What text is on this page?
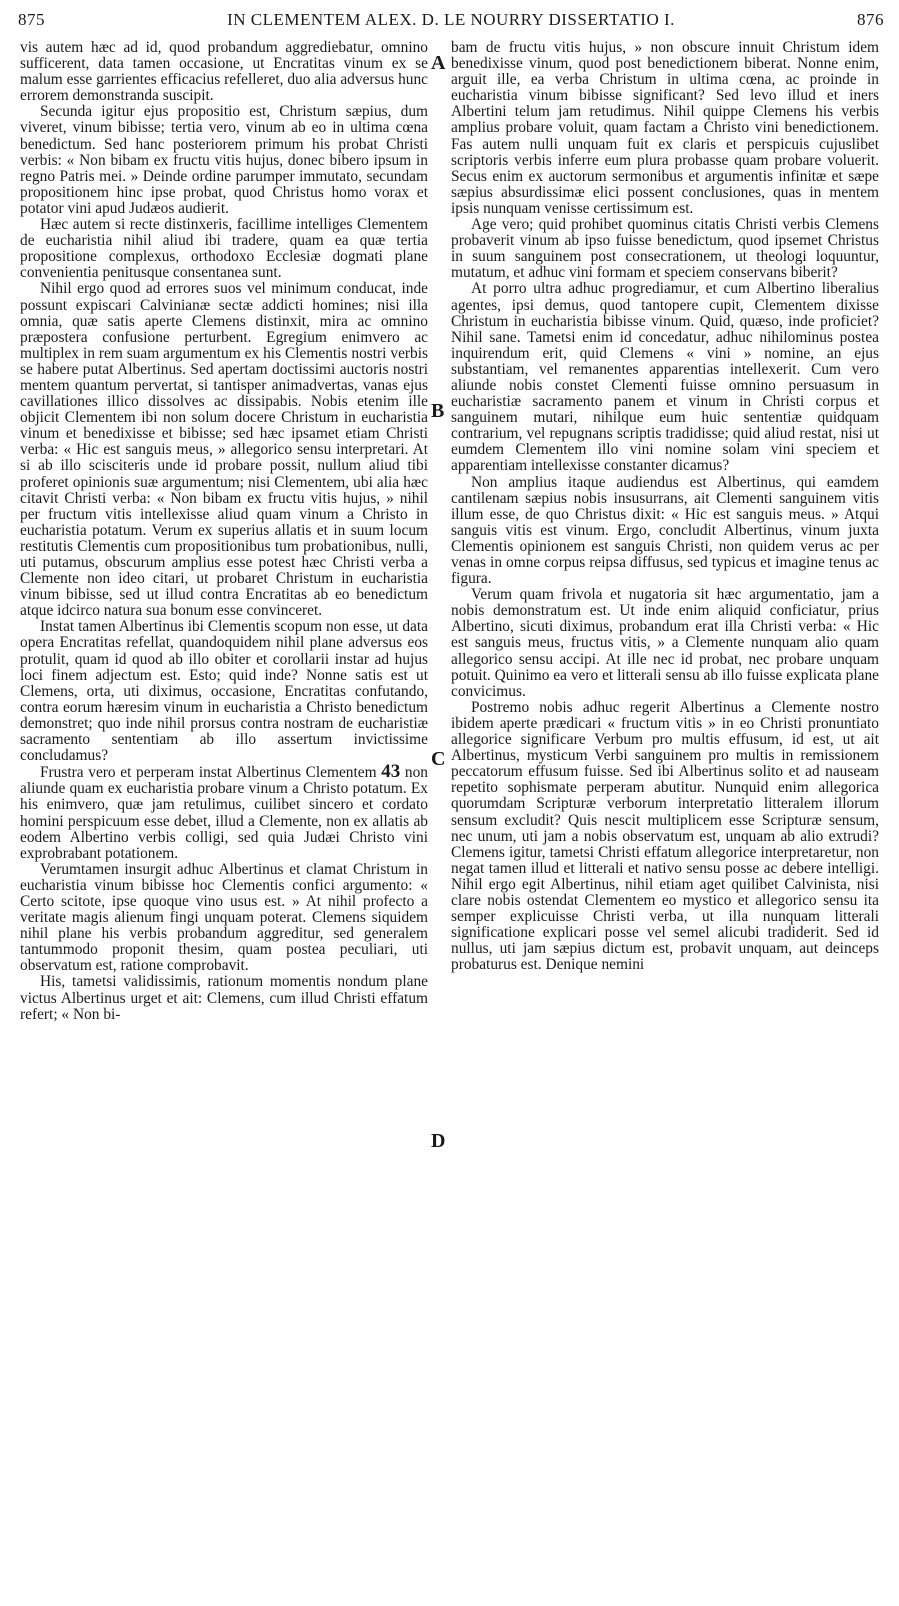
IN CLEMENTEM ALEX. D. LE NOURRY DISSERTATIO I.
875	876

vis autem hæc ad id, quod probandum aggrediebatur, omnino sufficerent, data tamen occasione, ut Encratitas vinum ex se malum esse garrientes efficacius refelleret, duo alia adversus hunc errorem demonstranda suscipit.

Secunda igitur ejus propositio est, Christum sæpius, dum viveret, vinum bibisse; tertia vero, vinum ab eo in ultima cœna benedictum. Sed hanc posteriorem primum his probat Christi verbis: « Non bibam ex fructu vitis hujus, donec bibero ipsum in regno Patris mei. » Deinde ordine parumper immutato, secundam propositionem hinc ipse probat, quod Christus homo vorax et potator vini apud Judæos audierit.

Hæc autem si recte distinxeris, facillime intelliges Clementem de eucharistia nihil aliud ibi tradere, quam ea quæ tertia propositione complexus, orthodoxo Ecclesiæ dogmati plane convenientia penitusque consentanea sunt.

Nihil ergo quod ad errores suos vel minimum conducat, inde possunt expiscari Calvinianæ sectæ addicti homines; nisi illa omnia, quæ satis aperte Clemens distinxit, mira ac omnino præpostera confusione perturbent. Egregium enimvero ac multiplex in rem suam argumentum ex his Clementis nostri verbis se habere putat Albertinus. Sed apertam doctissimi auctoris nostri mentem quantum pervertat, si tantisper animadvertas, vanas ejus cavillationes illico dissolves ac dissipabis. Nobis etenim ille objicit Clementem ibi non solum docere Christum in eucharistia vinum et benedixisse et bibisse; sed hæc ipsamet etiam Christi verba: « Hic est sanguis meus, » allegorico sensu interpretari. At si ab illo scisciteris unde id probare possit, nullum aliud tibi proferet opinionis suæ argumentum; nisi Clementem, ubi alia hæc citavit Christi verba: « Non bibam ex fructu vitis hujus, » nihil per fructum vitis intellexisse aliud quam vinum a Christo in eucharistia potatum. Verum ex superius allatis et in suum locum restitutis Clementis cum propositionibus tum probationibus, nulli, uti putamus, obscurum amplius esse potest hæc Christi verba a Clemente non ideo citari, ut probaret Christum in eucharistia vinum bibisse, sed ut illud contra Encratitas ab eo benedictum atque idcirco natura sua bonum esse convinceret.

Instat tamen Albertinus ibi Clementis scopum non esse, ut data opera Encratitas refellat, quandoquidem nihil plane adversus eos protulit, quam id quod ab illo obiter et corollarii instar ad hujus loci finem adjectum est. Esto; quid inde? Nonne satis est ut Clemens, orta, uti diximus, occasione, Encratitas confutando, contra eorum hæresim vinum in eucharistia a Christo benedictum demonstret; quo inde nihil prorsus contra nostram de eucharistiæ sacramento sententiam ab illo assertum invictissime concludamus?

Frustra vero et perperam instat Albertinus Clementem 43 non aliunde quam ex eucharistia probare vinum a Christo potatum. Ex his enimvero, quæ jam retulimus, cuilibet sincero et cordato homini perspicuum esse debet, illud a Clemente, non ex allatis ab eodem Albertino verbis colligi, sed quia Judæi Christo vini exprobrabant potationem.

Verumtamen insurgit adhuc Albertinus et clamat Christum in eucharistia vinum bibisse hoc Clementis confici argumento: « Certo scitote, ipse quoque vino usus est. » At nihil profecto a veritate magis alienum fingi unquam poterat. Clemens siquidem nihil plane his verbis probandum aggreditur, sed generalem tantummodo proponit thesim, quam postea peculiari, uti observatum est, ratione comprobavit.

His, tametsi validissimis, rationum momentis nondum plane victus Albertinus urget et ait: Clemens, cum illud Christi effatum refert; « Non bi-

bam de fructu vitis hujus, » non obscure innuit Christum idem benedixisse vinum, quod post benedictionem biberat. Nonne enim, arguit ille, ea verba Christum in ultima cœna, ac proinde in eucharistia vinum bibisse significant? Sed levo illud et iners Albertini telum jam retudimus. Nihil quippe Clemens his verbis amplius probare voluit, quam factam a Christo vini benedictionem. Fas autem nulli unquam fuit ex claris et perspicuis cujuslibet scriptoris verbis inferre eum plura probasse quam probare voluerit. Secus enim ex auctorum sermonibus et argumentis infinitæ et sæpe sæpius absurdissimæ elici possent conclusiones, quas in mentem ipsis nunquam venisse certissimum est.

Age vero; quid prohibet quominus citatis Christi verbis Clemens probaverit vinum ab ipso fuisse benedictum, quod ipsemet Christus in suum sanguinem post consecrationem, ut theologi loquuntur, mutatum, et adhuc vini formam et speciem conservans biberit?

At porro ultra adhuc progrediamur, et cum Albertino liberalius agentes, ipsi demus, quod tantopere cupit, Clementem dixisse Christum in eucharistia bibisse vinum. Quid, quæso, inde proficiet? Nihil sane. Tametsi enim id concedatur, adhuc nihilominus postea inquirendum erit, quid Clemens « vini » nomine, an ejus substantiam, vel remanentes apparentias intellexerit. Cum vero aliunde nobis constet Clementi fuisse omnino persuasum in eucharistiæ sacramento panem et vinum in Christi corpus et sanguinem mutari, nihilque eum huic sententiæ quidquam contrarium, vel repugnans scriptis tradidisse; quid aliud restat, nisi ut eumdem Clementem illo vini nomine solam vini speciem et apparentiam intellexisse constanter dicamus?

Non amplius itaque audiendus est Albertinus, qui eamdem cantilenam sæpius nobis insusurrans, ait Clementi sanguinem vitis illum esse, de quo Christus dixit: « Hic est sanguis meus. » Atqui sanguis vitis est vinum. Ergo, concludit Albertinus, vinum juxta Clementis opinionem est sanguis Christi, non quidem verus ac per venas in omne corpus reipsa diffusus, sed typicus et imagine tenus ac figura.

Verum quam frivola et nugatoria sit hæc argumentatio, jam a nobis demonstratum est. Ut inde enim aliquid conficiatur, prius Albertino, sicuti diximus, probandum erat illa Christi verba: « Hic est sanguis meus, fructus vitis, » a Clemente nunquam alio quam allegorico sensu accipi. At ille nec id probat, nec probare unquam potuit. Quinimo ea vero et litterali sensu ab illo fuisse explicata plane convicimus.

Postremo nobis adhuc regerit Albertinus a Clemente nostro ibidem aperte prædicari « fructum vitis » in eo Christi pronuntiato allegorice significare Verbum pro multis effusum, id est, ut ait Albertinus, mysticum Verbi sanguinem pro multis in remissionem peccatorum effusum fuisse. Sed ibi Albertinus solito et ad nauseam repetito sophismate perperam abutitur. Nunquid enim allegorica quorumdam Scripturæ verborum interpretatio litteralem illorum sensum excludit? Quis nescit multiplicem esse Scripturæ sensum, nec unum, uti jam a nobis observatum est, unquam ab alio extrudi? Clemens igitur, tametsi Christi effatum allegorice interpretaretur, non negat tamen illud et litterali et nativo sensu posse ac debere intelligi. Nihil ergo egit Albertinus, nihil etiam aget quilibet Calvinista, nisi clare nobis ostendat Clementem eo mystico et allegorico sensu ita semper explicuisse Christi verba, ut illa nunquam litterali significatione explicari posse vel semel alicubi tradiderit. Sed id nullus, uti jam sæpius dictum est, probavit unquam, aut deinceps probaturus est. Denique nemini

A
B
C
D
